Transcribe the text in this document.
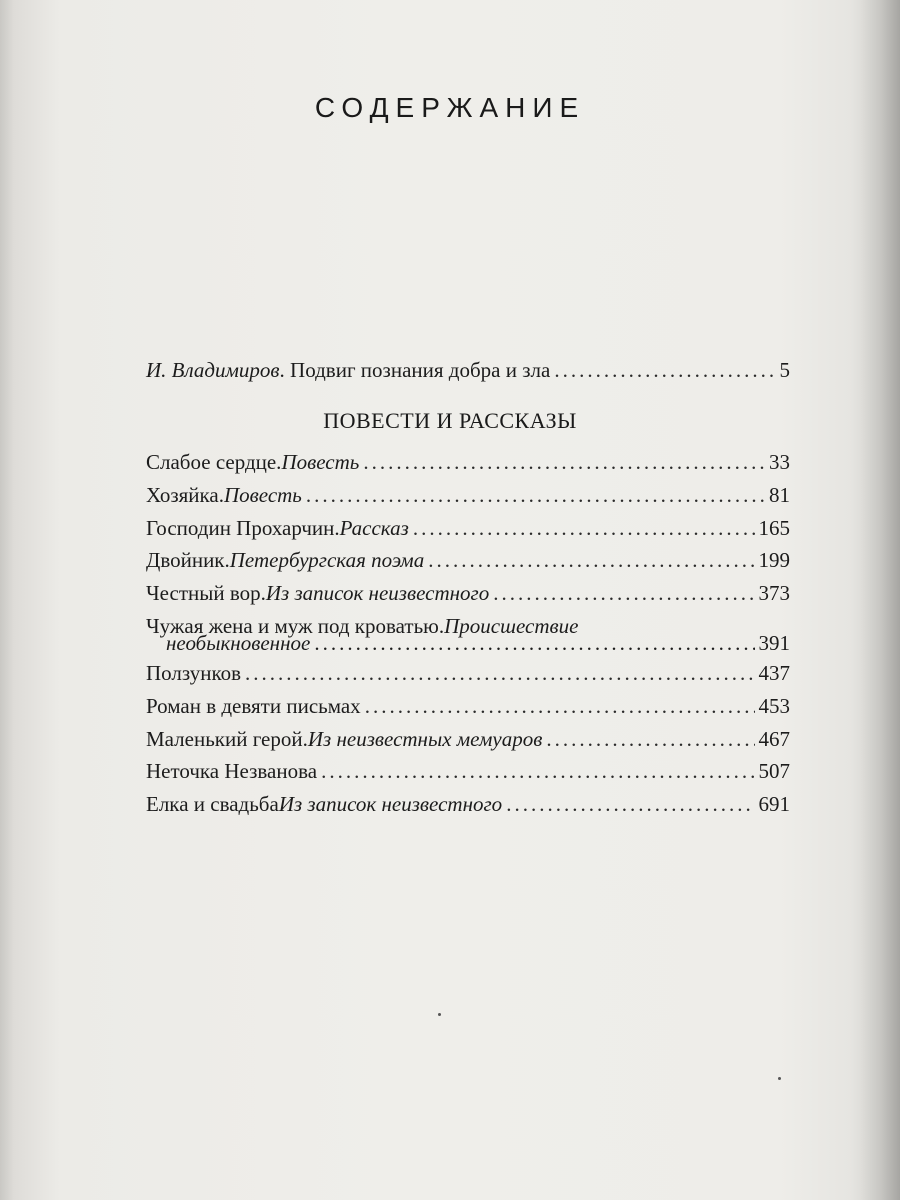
СОДЕРЖАНИЕ
И. Владимиров . Подвиг познания добра и зла .....	5
ПОВЕСТИ И РАССКАЗЫ
Слабое сердце. Повесть .....	33
Хозяйка. Повесть .....	81
Господин Прохарчин. Рассказ .....	165
Двойник. Петербургская поэма .....	199
Честный вор. Из записок неизвестного .....	373
Чужая жена и муж под кроватью. Происшествие
необыкновенное .....	391
Ползунков .....	437
Роман в девяти письмах .....	453
Маленький герой. Из неизвестных мемуаров .....	467
Неточка Незванова .....	507
Елка и свадьба Из записок неизвестного .....	691
